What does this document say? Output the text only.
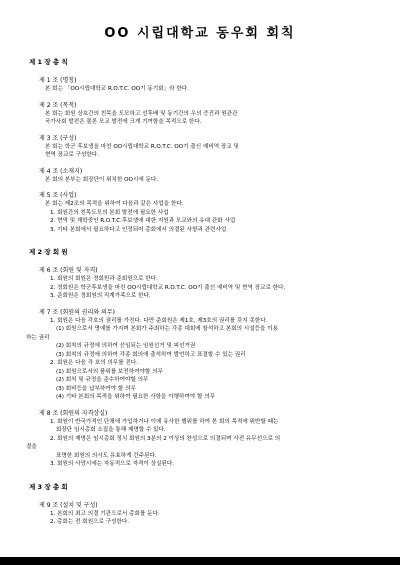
OO 시립대학교 동우회 회칙
제 1 장 총 칙
제 1 조 (명칭)
본 회는 「OO시립대학교 R.O.T.C. OO기 동기회」라 한다.
제 2 조 (목적)
본 회는 회원 상호간의 친목을 도모하고 선후배 및 동기간의 우의 증진과 원관관
국가사회 발전은 물론 모교 발전에 크게 기여함을 목적으로 한다.
제 3 조 (구성)
본 회는 학군 후보생을 마친 OO시립대학교 R.O.T.C. OO기 출신 예비역 장교 및
현역 장교로 구성한다.
제 4 조 (소재지)
본 회의 본부는 회장단이 위치한 OO시에 둔다.
제 5 조 (사업)
본 회는 제2조의 목적을 위하여 다음과 같은 사업을 한다.
1. 회원간의 친목도모의 본회 발전에 필요한 사업
2. 현역 및 재학중인 R.O.T.C.후보생에 대한 지원과 모교와의 유대 관화 사업
3. 기타 본회에서 필요하다고 인정되어 총회에서 의결된 사항과 관련사업
제 2 장 회 원
제 6 조 (회원 및 자격)
1. 회원의 회원은 정회원과 준회원으로 한다.
2. 정회원은 학군후보생을 마친 OO시립대학교 R.O.T.C. OO기 출신 예비역 및 현역 장교로 한다.
3. 준회원은 정회원의 직계가족으로 한다.
제 7 조 (회원의 권리와 의무)
1. 회원은 다음 각호의 권리를 가진다. 다만 준회원은 제1호, 제3호의 권리를 갖지 못한다.
(1) 회원으로서 명예를 가지며 본회가 주최하는 각종 대회에 참석하고 본회의 시설등을 이용
하는 권리
(2) 회칙의 규정에 의하여 선임되는 임원선거 및 피선거권
(3) 회칙의 규정에 의하여 각종 회의에 출석하여 발언하고 표결할 수 있는 권리
2. 회원은 다음 각 호의 의무를 진다.
(1) 회원으로서의 품위를 보전하여야할 의무
(2) 회칙 및 규정을 준수하여야할 의무
(3) 회비등을 납부하여야 할 의무
(4) 기타 본회의 목적을 위하여 필요한 사항을 이행하여야 할 의무
제 8 조 (회원의 자격상실)
1. 회원이 반국가적인 단체에 가입하거나 이에 유사한 행위를 하여 본 회의 목적에 위반할 때는
회장단 임시총회 소집을 통해 제명할 수 있다.
2. 회원의 제명은 임시총회 정식 회원의 3분의 2 이상의 찬성으로 의결되며 사전 유무선으로 의
결을
표명한 회원의 의사도 유효하게 간주된다.
3. 회원의 사망시에는 자동적으로 자격이 상실된다.
제 3 장 총 회
제 9 조 (설치 및 구성)
1. 본회의 최고 의결 기관으로서 총회를 둔다.
2. 총회는 전 회원으로 구성한다.
